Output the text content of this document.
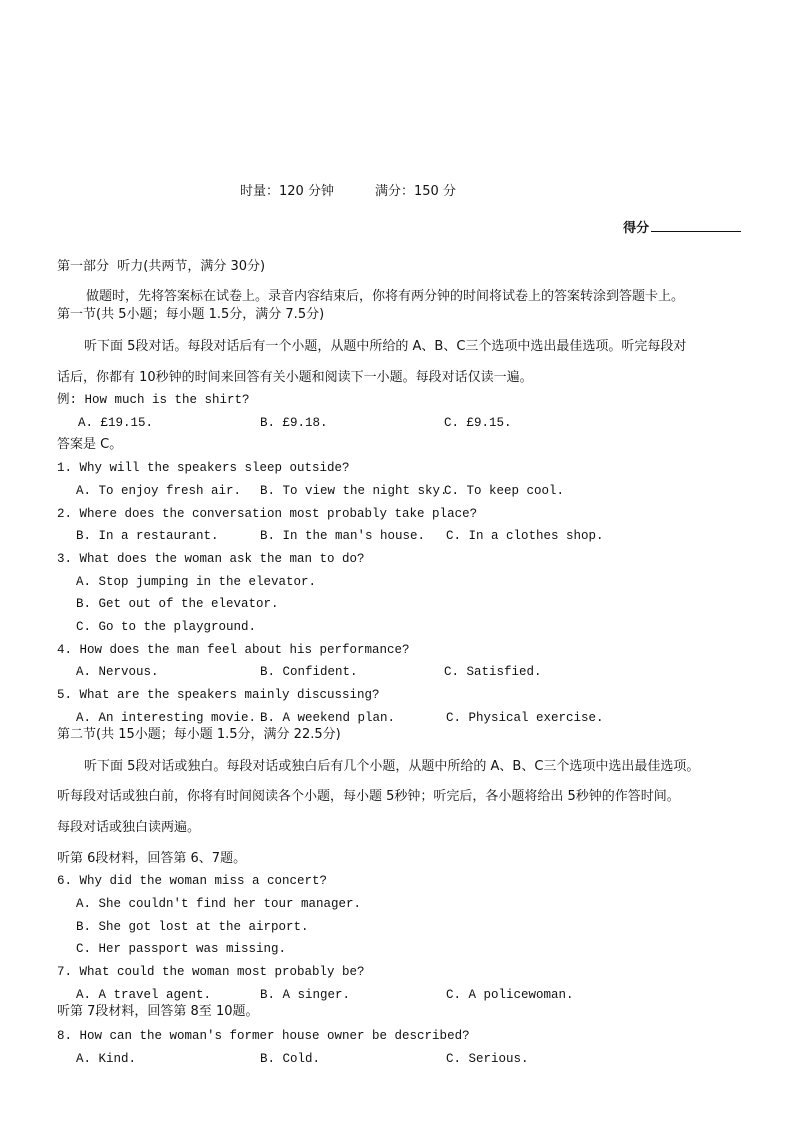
时量：120 分钟	满分：150 分

得分

第一部分  听力(共两节，满分 30分)
做题时，先将答案标在试卷上。录音内容结束后，你将有两分钟的时间将试卷上的答案转涂到答题卡上。
第一节(共 5小题；每小题 1.5分，满分 7.5分)
听下面 5段对话。每段对话后有一个小题，从题中所给的 A、B、C三个选项中选出最佳选项。听完每段对
话后，你都有 10秒钟的时间来回答有关小题和阅读下一小题。每段对话仅读一遍。
例: How much is the shirt?
A. £19.15.	B. £9.18.	C. £9.15.
答案是 C。
1. Why will the speakers sleep outside?
A. To enjoy fresh air. B. To view the night sky.
C. To keep cool.
2. Where does the conversation most probably take place?
B. In a restaurant.	B. In the man's house. C. In a clothes shop.
3. What does the woman ask the man to do?
A. Stop jumping in the elevator.
B. Get out of the elevator.
C. Go to the playground.
4. How does the man feel about his performance?
A. Nervous.	B. Confident.	C. Satisfied.
5. What are the speakers mainly discussing?
A. An interesting movie. B. A weekend plan.	C. Physical exercise.
第二节(共 15小题；每小题 1.5分，满分 22.5分)
听下面 5段对话或独白。每段对话或独白后有几个小题，从题中所给的 A、B、C三个选项中选出最佳选项。
听每段对话或独白前，你将有时间阅读各个小题，每小题 5秒钟；听完后，各小题将给出 5秒钟的作答时间。
每段对话或独白读两遍。
听第 6段材料，回答第 6、7题。
6. Why did the woman miss a concert?
A. She couldn't find her tour manager.
B. She got lost at the airport.
C. Her passport was missing.
7. What could the woman most probably be?
A. A travel agent.	B. A singer.	C. A policewoman.
听第 7段材料，回答第 8至 10题。
8. How can the woman's former house owner be described?
A. Kind.	B. Cold.	C. Serious.
